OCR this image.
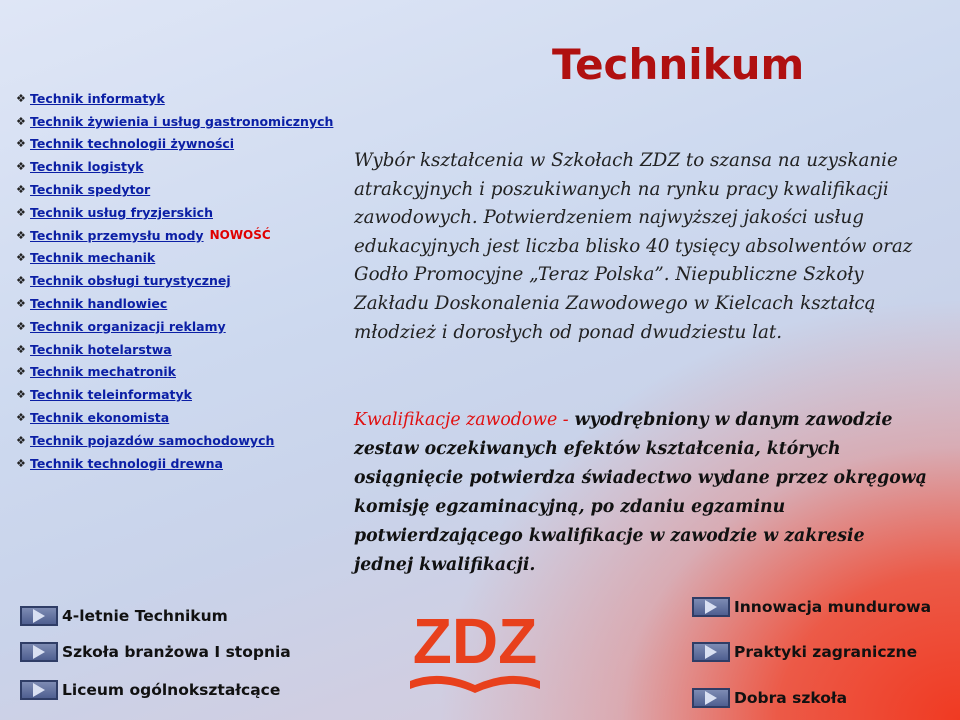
Technikum
❖ Technik informatyk
❖ Technik żywienia i usług gastronomicznych
❖ Technik technologii żywności
❖ Technik logistyk
❖ Technik spedytor
❖ Technik usług fryzjerskich
❖ Technik przemysłu mody NOWOŚĆ
❖ Technik mechanik
❖ Technik obsługi turystycznej
❖ Technik handlowiec
❖ Technik organizacji reklamy
❖ Technik hotelarstwa
❖ Technik mechatronik
❖ Technik teleinformatyk
❖ Technik ekonomista
❖ Technik pojazdów samochodowych
❖ Technik technologii drewna

Wybór kształcenia w Szkołach ZDZ to szansa na uzyskanie atrakcyjnych i poszukiwanych na rynku pracy kwalifikacji zawodowych. Potwierdzeniem najwyższej jakości usług edukacyjnych jest liczba blisko 40 tysięcy absolwentów oraz Godło Promocyjne „Teraz Polska”. Niepubliczne Szkoły Zakładu Doskonalenia Zawodowego w Kielcach kształcą młodzież i dorosłych od ponad dwudziestu lat.

Kwalifikacje zawodowe - wyodrębniony w danym zawodzie zestaw oczekiwanych efektów kształcenia, których osiągnięcie potwierdza świadectwo wydane przez okręgową komisję egzaminacyjną, po zdaniu egzaminu potwierdzającego kwalifikacje w zawodzie w zakresie jednej kwalifikacji.

4-letnie Technikum
Szkoła branżowa I stopnia
Liceum ogólnokształcące
Innowacja mundurowa
Praktyki zagraniczne
Dobra szkoła
ZDZ
